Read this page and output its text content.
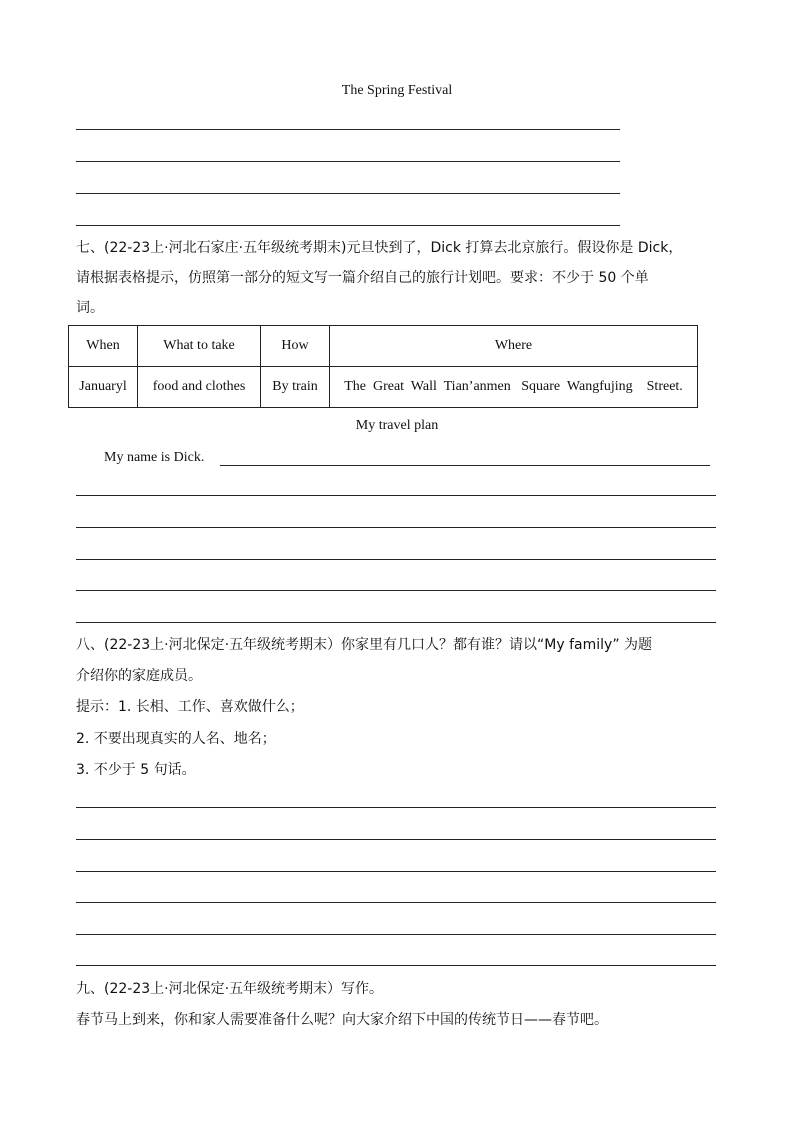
The Spring Festival
七、(22-23上·河北石家庄·五年级统考期末)元旦快到了，Dick 打算去北京旅行。假设你是 Dick，
请根据表格提示，仿照第一部分的短文写一篇介绍自己的旅行计划吧。要求：不少于 50 个单
词。
When	What to take	How	Where
Januaryl	food and clothes	By train	The  Great  Wall  Tian’anmen   Square  Wangfujing    Street.
My travel plan
My name is Dick.
八、(22-23上·河北保定·五年级统考期末）你家里有几口人？都有谁？请以“My family” 为题
介绍你的家庭成员。
提示：1. 长相、工作、喜欢做什么；
2. 不要出现真实的人名、地名；
3. 不少于 5 句话。
九、(22-23上·河北保定·五年级统考期末）写作。
春节马上到来，你和家人需要准备什么呢？向大家介绍下中国的传统节日——春节吧。
